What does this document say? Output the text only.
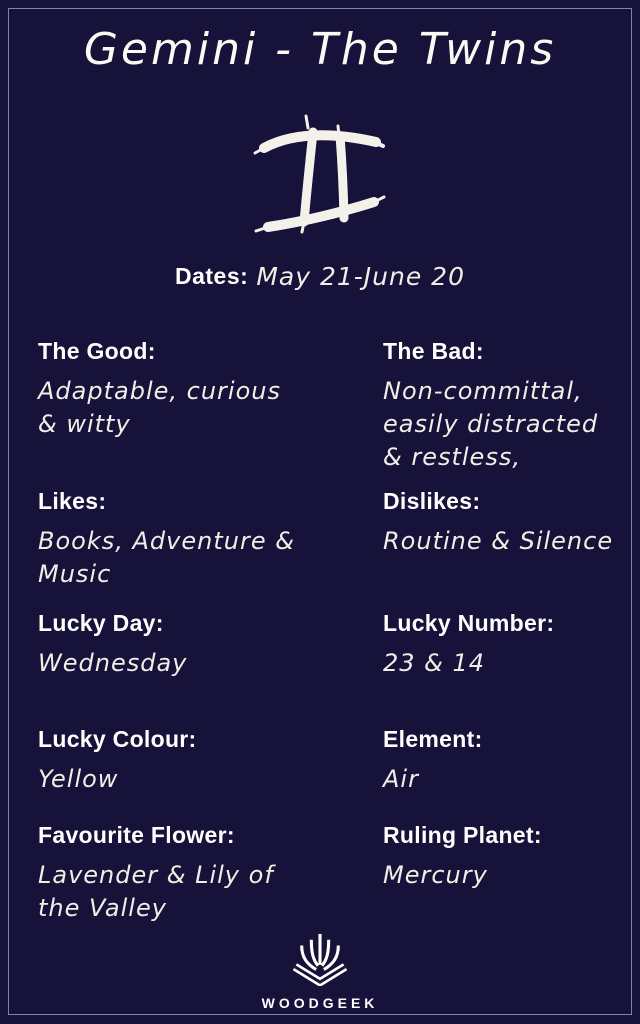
Gemini - The Twins
Dates: May 21-June 20
The Good:
Adaptable, curious & witty
The Bad:
Non-committal, easily distracted & restless,
Likes:
Books, Adventure & Music
Dislikes:
Routine & Silence
Lucky Day:
Wednesday
Lucky Number:
23 & 14
Lucky Colour:
Yellow
Element:
Air
Favourite Flower:
Lavender & Lily of the Valley
Ruling Planet:
Mercury
WOODGEEK
